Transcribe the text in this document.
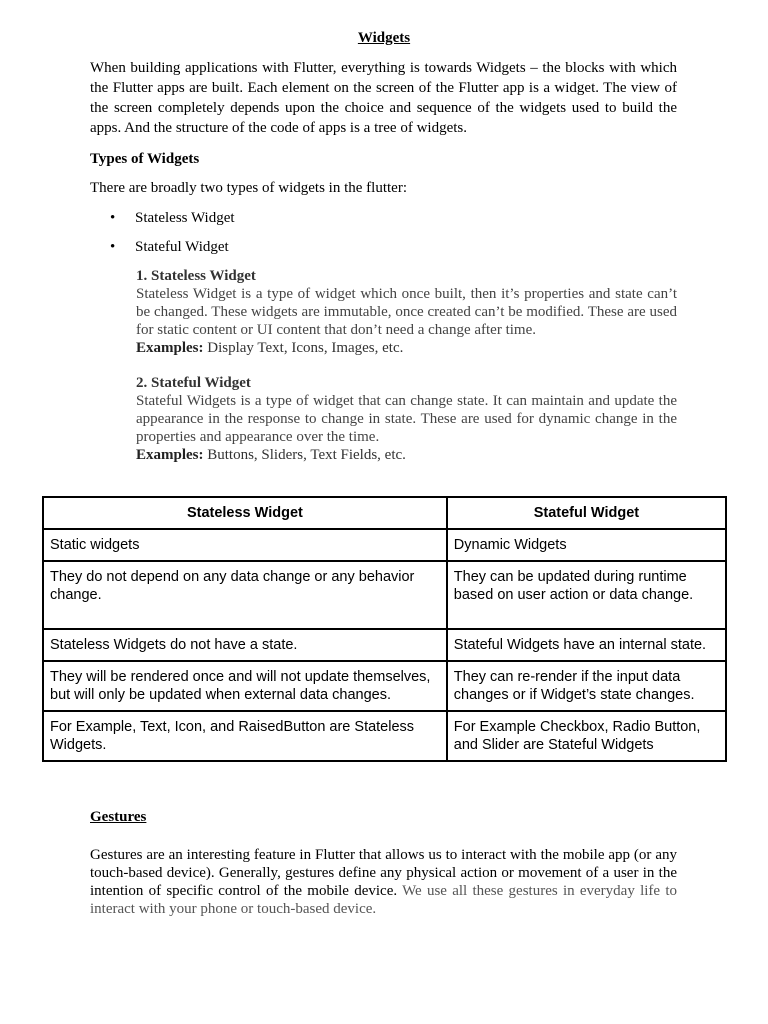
Widgets

When building applications with Flutter, everything is towards Widgets – the blocks with which the Flutter apps are built. Each element on the screen of the Flutter app is a widget. The view of the screen completely depends upon the choice and sequence of the widgets used to build the apps. And the structure of the code of apps is a tree of widgets.

Types of Widgets

There are broadly two types of widgets in the flutter:

• Stateless Widget
• Stateful Widget
1. Stateless Widget

Stateless Widget is a type of widget which once built, then it’s properties and state can’t be changed. These widgets are immutable, once created can’t be modified. These are used for static content or UI content that don’t need a change after time.

Examples: Display Text, Icons, Images, etc.
2. Stateful Widget

Stateful Widgets is a type of widget that can change state. It can maintain and update the appearance in the response to change in state. These are used for dynamic change in the properties and appearance over the time.

Examples: Buttons, Sliders, Text Fields, etc.
Stateless Widget	Stateful Widget
Static widgets	Dynamic Widgets
They do not depend on any data change or any behavior change.	They can be updated during runtime based on user action or data change.
Stateless Widgets do not have a state.	Stateful Widgets have an internal state.
They will be rendered once and will not update themselves, but will only be updated when external data changes.	They can re-render if the input data changes or if Widget’s state changes.
For Example, Text, Icon, and RaisedButton are Stateless Widgets.	For Example Checkbox, Radio Button, and Slider are Stateful Widgets
Gestures

Gestures are an interesting feature in Flutter that allows us to interact with the mobile app (or any touch-based device). Generally, gestures define any physical action or movement of a user in the intention of specific control of the mobile device. We use all these gestures in everyday life to interact with your phone or touch-based device.
